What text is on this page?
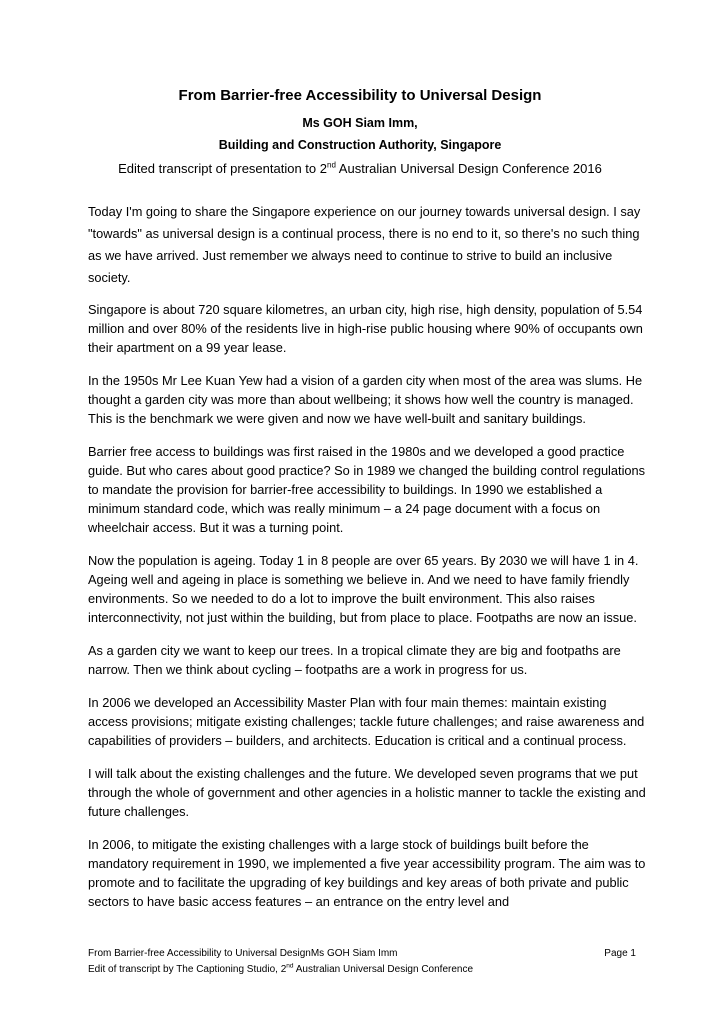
From Barrier-free Accessibility to Universal Design
Ms GOH Siam Imm,
Building and Construction Authority, Singapore
Edited transcript of presentation to 2nd Australian Universal Design Conference 2016

Today I'm going to share the Singapore experience on our journey towards universal design. I say "towards" as universal design is a continual process, there is no end to it, so there's no such thing as we have arrived. Just remember we always need to continue to strive to build an inclusive society.

Singapore is about 720 square kilometres, an urban city, high rise, high density, population of 5.54 million and over 80% of the residents live in high-rise public housing where 90% of occupants own their apartment on a 99 year lease.

In the 1950s Mr Lee Kuan Yew had a vision of a garden city when most of the area was slums. He thought a garden city was more than about wellbeing; it shows how well the country is managed. This is the benchmark we were given and now we have well-built and sanitary buildings.

Barrier free access to buildings was first raised in the 1980s and we developed a good practice guide. But who cares about good practice? So in 1989 we changed the building control regulations to mandate the provision for barrier-free accessibility to buildings. In 1990 we established a minimum standard code, which was really minimum – a 24 page document with a focus on wheelchair access. But it was a turning point.

Now the population is ageing. Today 1 in 8 people are over 65 years. By 2030 we will have 1 in 4. Ageing well and ageing in place is something we believe in. And we need to have family friendly environments. So we needed to do a lot to improve the built environment. This also raises interconnectivity, not just within the building, but from place to place. Footpaths are now an issue.

As a garden city we want to keep our trees. In a tropical climate they are big and footpaths are narrow. Then we think about cycling – footpaths are a work in progress for us.

In 2006 we developed an Accessibility Master Plan with four main themes: maintain existing access provisions; mitigate existing challenges; tackle future challenges; and raise awareness and capabilities of providers – builders, and architects. Education is critical and a continual process.

I will talk about the existing challenges and the future. We developed seven programs that we put through the whole of government and other agencies in a holistic manner to tackle the existing and future challenges.

In 2006, to mitigate the existing challenges with a large stock of buildings built before the mandatory requirement in 1990, we implemented a five year accessibility program. The aim was to promote and to facilitate the upgrading of key buildings and key areas of both private and public sectors to have basic access features – an entrance on the entry level and

From Barrier-free Accessibility to Universal DesignMs GOH Siam Imm	Page 1
Edit of transcript by The Captioning Studio, 2nd Australian Universal Design Conference
